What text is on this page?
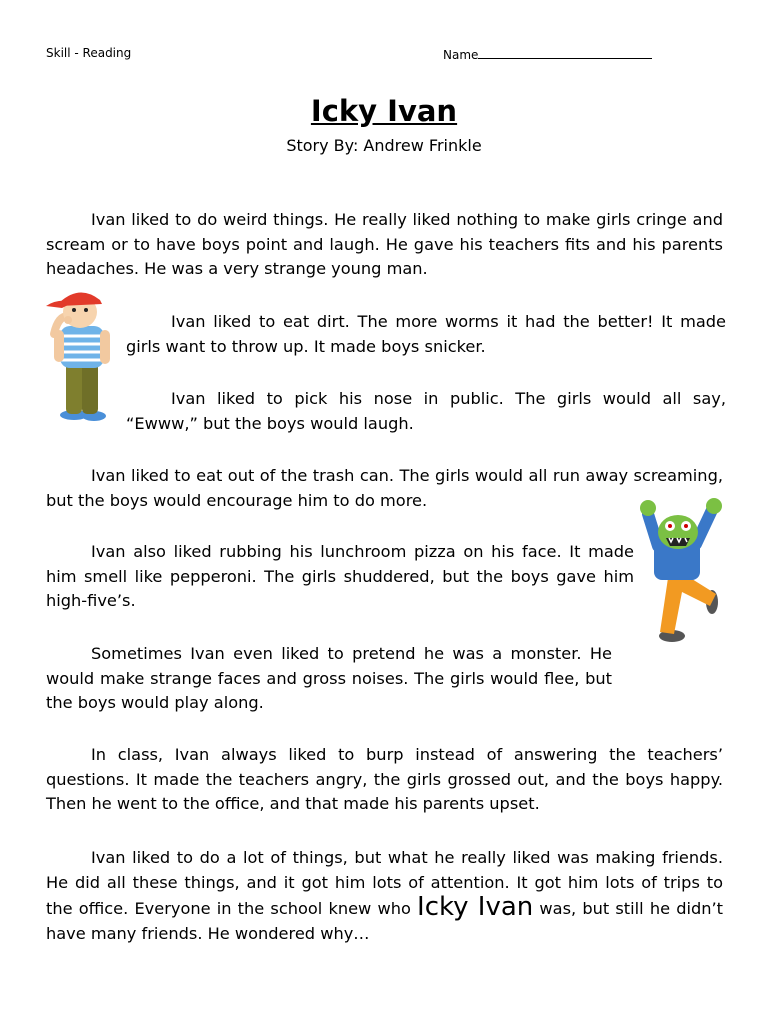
Skill - Reading	Name
Icky Ivan
Story By: Andrew Frinkle

Ivan liked to do weird things. He really liked nothing to make girls cringe and scream or to have boys point and laugh. He gave his teachers fits and his parents headaches. He was a very strange young man.

Ivan liked to eat dirt. The more worms it had the better! It made girls want to throw up. It made boys snicker.

Ivan liked to pick his nose in public. The girls would all say, “Ewww,” but the boys would laugh.

Ivan liked to eat out of the trash can. The girls would all run away screaming, but the boys would encourage him to do more.

Ivan also liked rubbing his lunchroom pizza on his face. It made him smell like pepperoni. The girls shuddered, but the boys gave him high-five’s.

Sometimes Ivan even liked to pretend he was a monster. He would make strange faces and gross noises. The girls would flee, but the boys would play along.

In class, Ivan always liked to burp instead of answering the teachers’ questions. It made the teachers angry, the girls grossed out, and the boys happy. Then he went to the office, and that made his parents upset.

Ivan liked to do a lot of things, but what he really liked was making friends. He did all these things, and it got him lots of attention. It got him lots of trips to the office. Everyone in the school knew who Icky Ivan was, but still he didn’t have many friends. He wondered why…
